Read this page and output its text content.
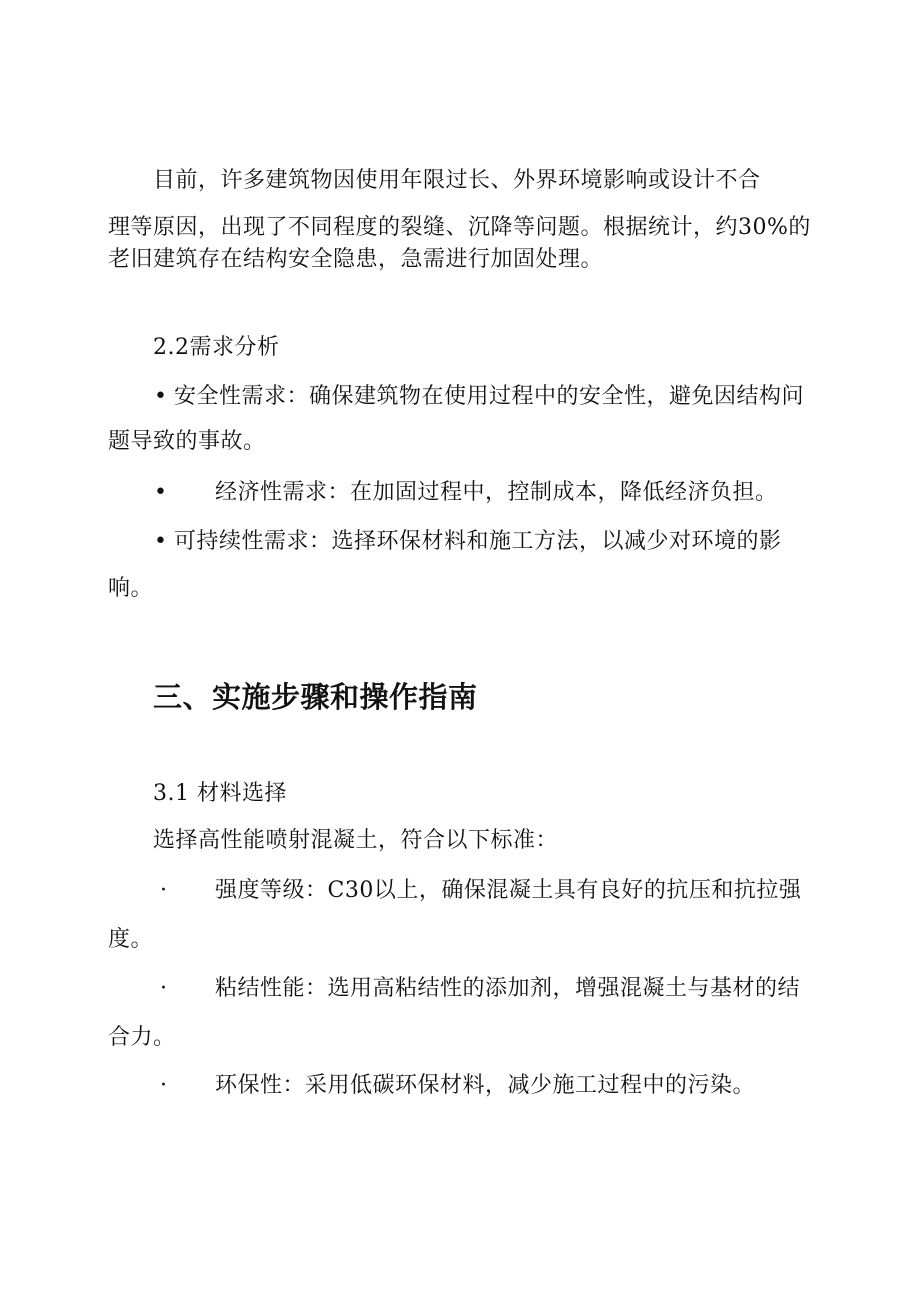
目前，许多建筑物因使用年限过长、外界环境影响或设计不合
理等原因，出现了不同程度的裂缝、沉降等问题。根据统计，约30%的
老旧建筑存在结构安全隐患，急需进行加固处理。
2.2需求分析
• 安全性需求：确保建筑物在使用过程中的安全性，避免因结构问
题导致的事故。
• 经济性需求：在加固过程中，控制成本，降低经济负担。
• 可持续性需求：选择环保材料和施工方法，以减少对环境的影
响。
三、实施步骤和操作指南
3.1 材料选择
选择高性能喷射混凝土，符合以下标准：
· 强度等级：C30以上，确保混凝土具有良好的抗压和抗拉强
度。
· 粘结性能：选用高粘结性的添加剂，增强混凝土与基材的结
合力。
· 环保性：采用低碳环保材料，减少施工过程中的污染。
